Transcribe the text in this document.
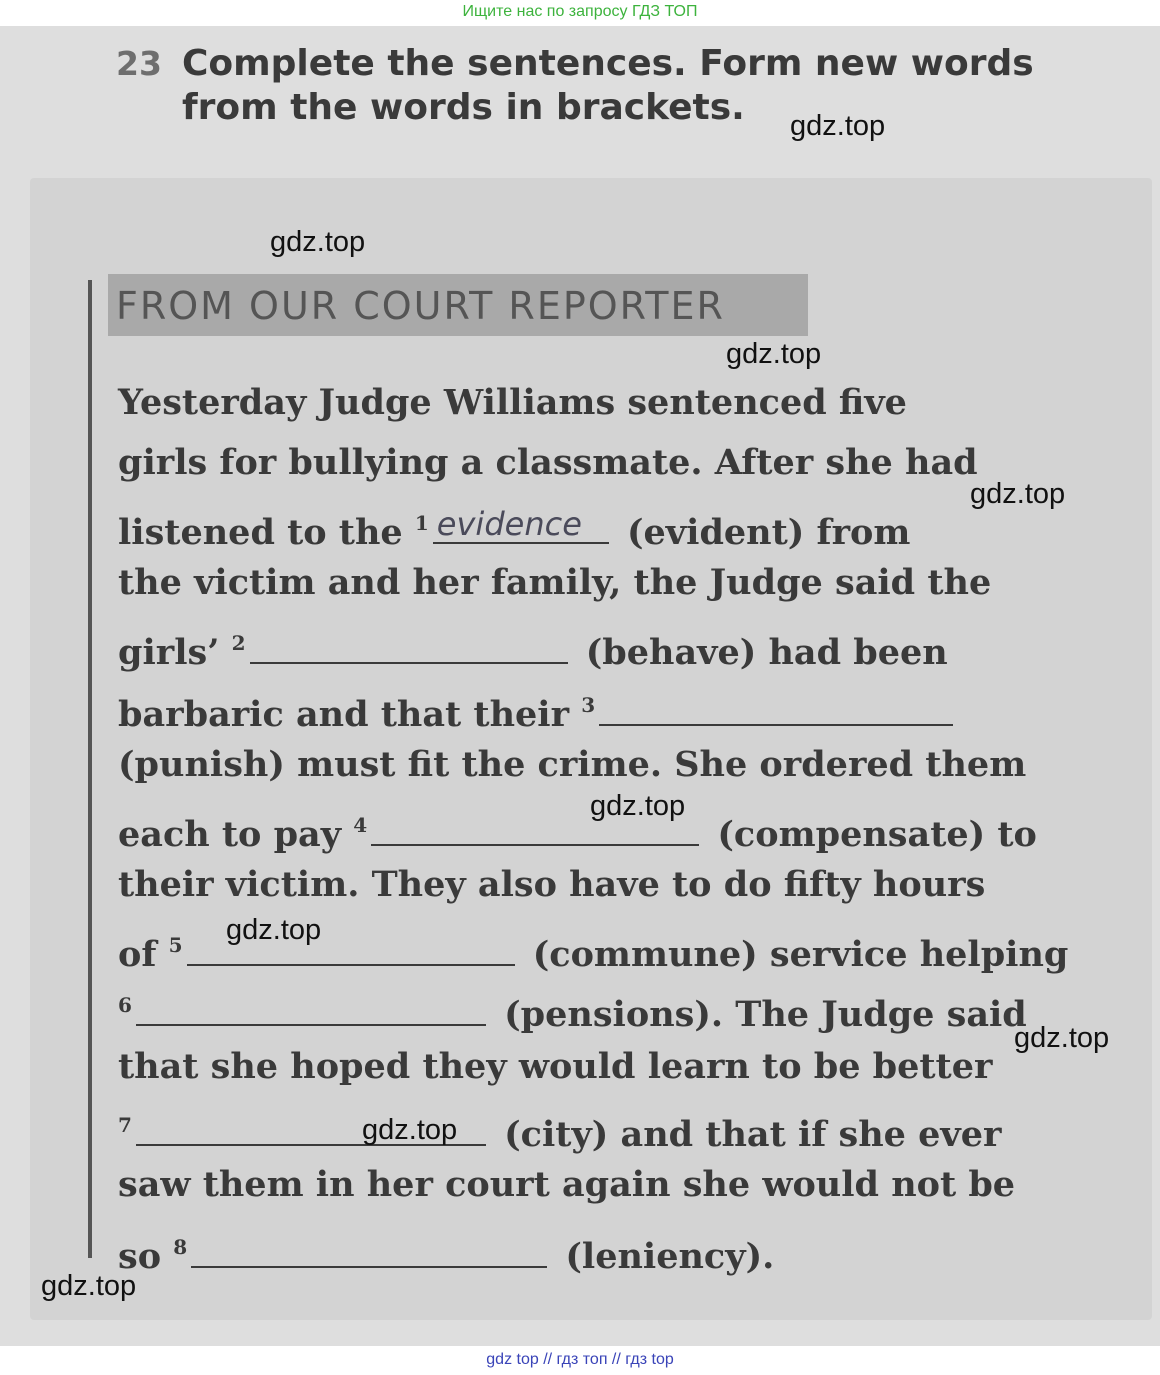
Ищите нас по запросу ГДЗ ТОП
23 Complete the sentences. Form new words
from the words in brackets.
FROM OUR COURT REPORTER
Yesterday Judge Williams sentenced five
girls for bullying a classmate. After she had
listened to the $^1$ evidence (evident) from
the victim and her family, the Judge said the
girls’ $^2$	(behave) had been
barbaric and that their $^3$
(punish) must fit the crime. She ordered them
each to pay $^4$	(compensate) to
their victim. They also have to do fifty hours
of $^5$	(commune) service helping
$^6$	(pensions). The Judge said
that she hoped they would learn to be better
$^7$	(city) and that if she ever
saw them in her court again she would not be
so $^8$	(leniency).
gdz.top
gdz.top
gdz.top
gdz.top
gdz.top
gdz.top
gdz.top
gdz.top
gdz.top
gdz top // гдз топ // гдз top
